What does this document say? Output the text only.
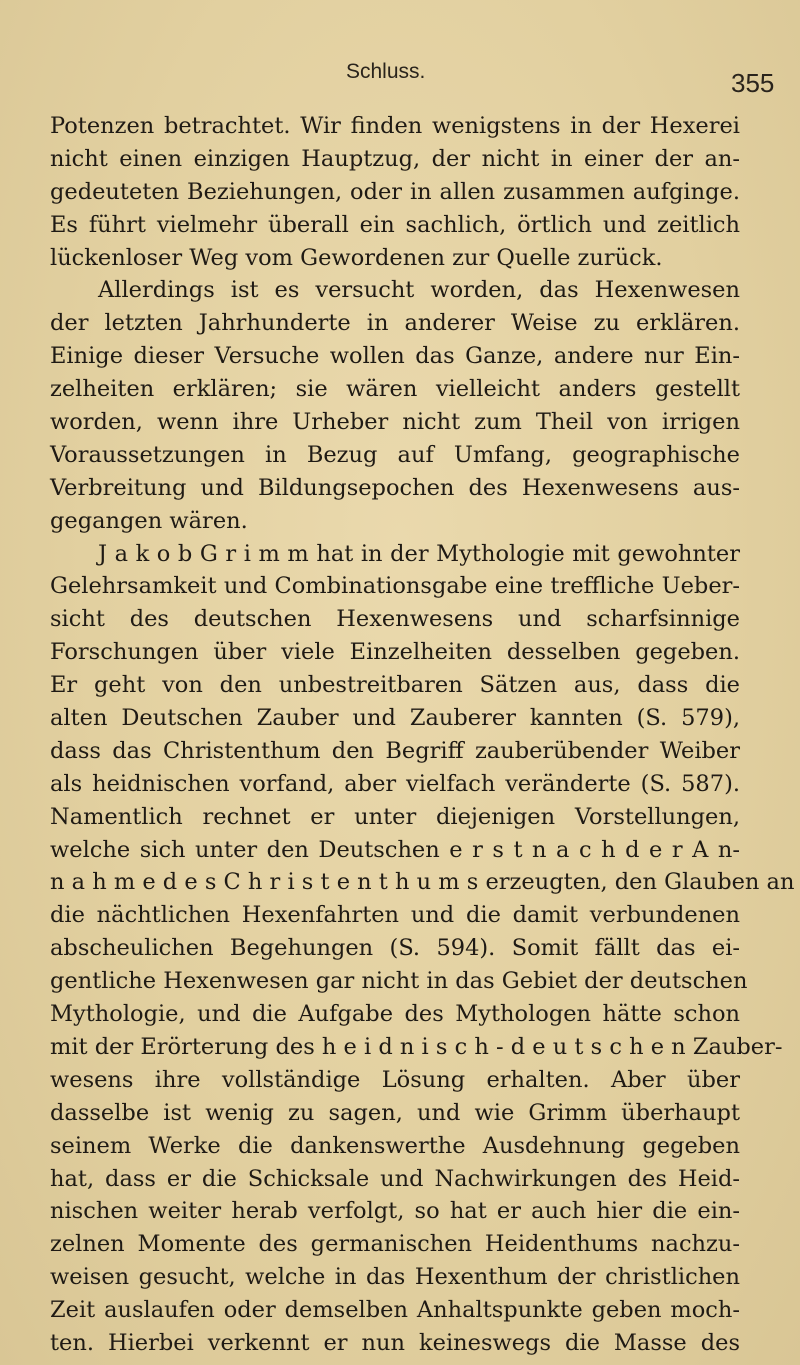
Schluss.	355
Potenzen betrachtet. Wir finden wenigstens in der Hexerei
nicht einen einzigen Hauptzug, der nicht in einer der an-
gedeuteten Beziehungen, oder in allen zusammen aufginge.
Es führt vielmehr überall ein sachlich, örtlich und zeitlich
lückenloser Weg vom Gewordenen zur Quelle zurück.
Allerdings ist es versucht worden, das Hexenwesen
der letzten Jahrhunderte in anderer Weise zu erklären.
Einige dieser Versuche wollen das Ganze, andere nur Ein-
zelheiten erklären; sie wären vielleicht anders gestellt
worden, wenn ihre Urheber nicht zum Theil von irrigen
Voraussetzungen in Bezug auf Umfang, geographische
Verbreitung und Bildungsepochen des Hexenwesens aus-
gegangen wären.
J a k o b G r i m m hat in der Mythologie mit gewohnter
Gelehrsamkeit und Combinationsgabe eine treffliche Ueber-
sicht des deutschen Hexenwesens und scharfsinnige
Forschungen über viele Einzelheiten desselben gegeben.
Er geht von den unbestreitbaren Sätzen aus, dass die
alten Deutschen Zauber und Zauberer kannten (S. 579),
dass das Christenthum den Begriff zauberübender Weiber
als heidnischen vorfand, aber vielfach veränderte (S. 587).
Namentlich rechnet er unter diejenigen Vorstellungen,
welche sich unter den Deutschen e r s t n a c h d e r A n-
n a h m e d e s C h r i s t e n t h u m s erzeugten, den Glauben an
die nächtlichen Hexenfahrten und die damit verbundenen
abscheulichen Begehungen (S. 594). Somit fällt das ei-
gentliche Hexenwesen gar nicht in das Gebiet der deutschen
Mythologie, und die Aufgabe des Mythologen hätte schon
mit der Erörterung des h e i d n i s c h - d e u t s c h e n Zauber-
wesens ihre vollständige Lösung erhalten. Aber über
dasselbe ist wenig zu sagen, und wie Grimm überhaupt
seinem Werke die dankenswerthe Ausdehnung gegeben
hat, dass er die Schicksale und Nachwirkungen des Heid-
nischen weiter herab verfolgt, so hat er auch hier die ein-
zelnen Momente des germanischen Heidenthums nachzu-
weisen gesucht, welche in das Hexenthum der christlichen
Zeit auslaufen oder demselben Anhaltspunkte geben moch-
ten. Hierbei verkennt er nun keineswegs die Masse des
